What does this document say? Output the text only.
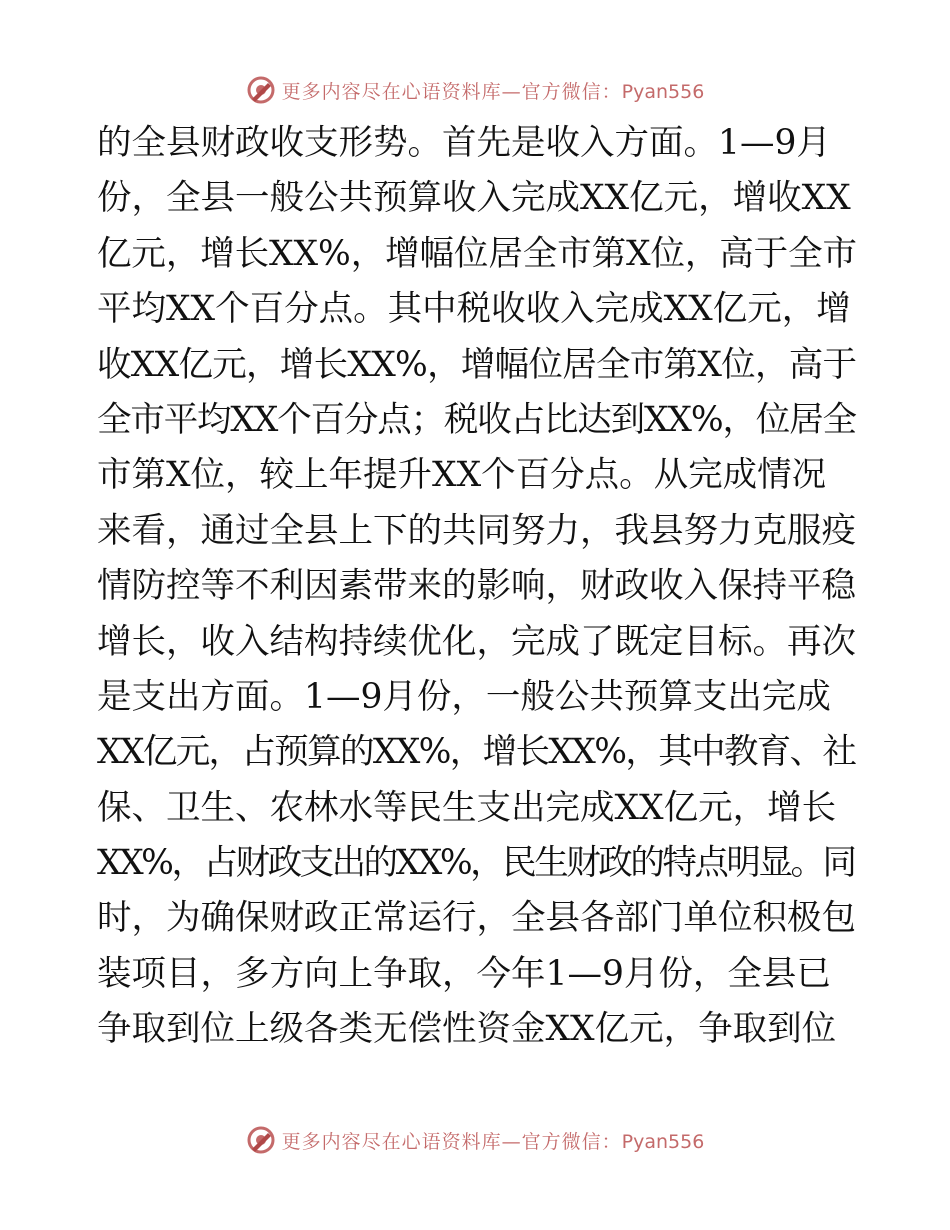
更多内容尽在心语资料库—官方微信：Pyan556
的全县财政收支形势。首先是收入方面。1—9月
份，全县一般公共预算收入完成XX亿元，增收XX
亿元，增长XX%，增幅位居全市第X位，高于全市
平均XX个百分点。其中税收收入完成XX亿元，增
收XX亿元，增长XX%，增幅位居全市第X位，高于
全市平均XX个百分点；税收占比达到XX%，位居全
市第X位，较上年提升XX个百分点。从完成情况
来看，通过全县上下的共同努力，我县努力克服疫
情防控等不利因素带来的影响，财政收入保持平稳
增长，收入结构持续优化，完成了既定目标。再次
是支出方面。1—9月份，一般公共预算支出完成
XX亿元，占预算的XX%，增长XX%，其中教育、社
保、卫生、农林水等民生支出完成XX亿元，增长
XX%，占财政支出的XX%，民生财政的特点明显。同
时，为确保财政正常运行，全县各部门单位积极包
装项目，多方向上争取，今年1—9月份，全县已
争取到位上级各类无偿性资金XX亿元，争取到位
更多内容尽在心语资料库—官方微信：Pyan556
